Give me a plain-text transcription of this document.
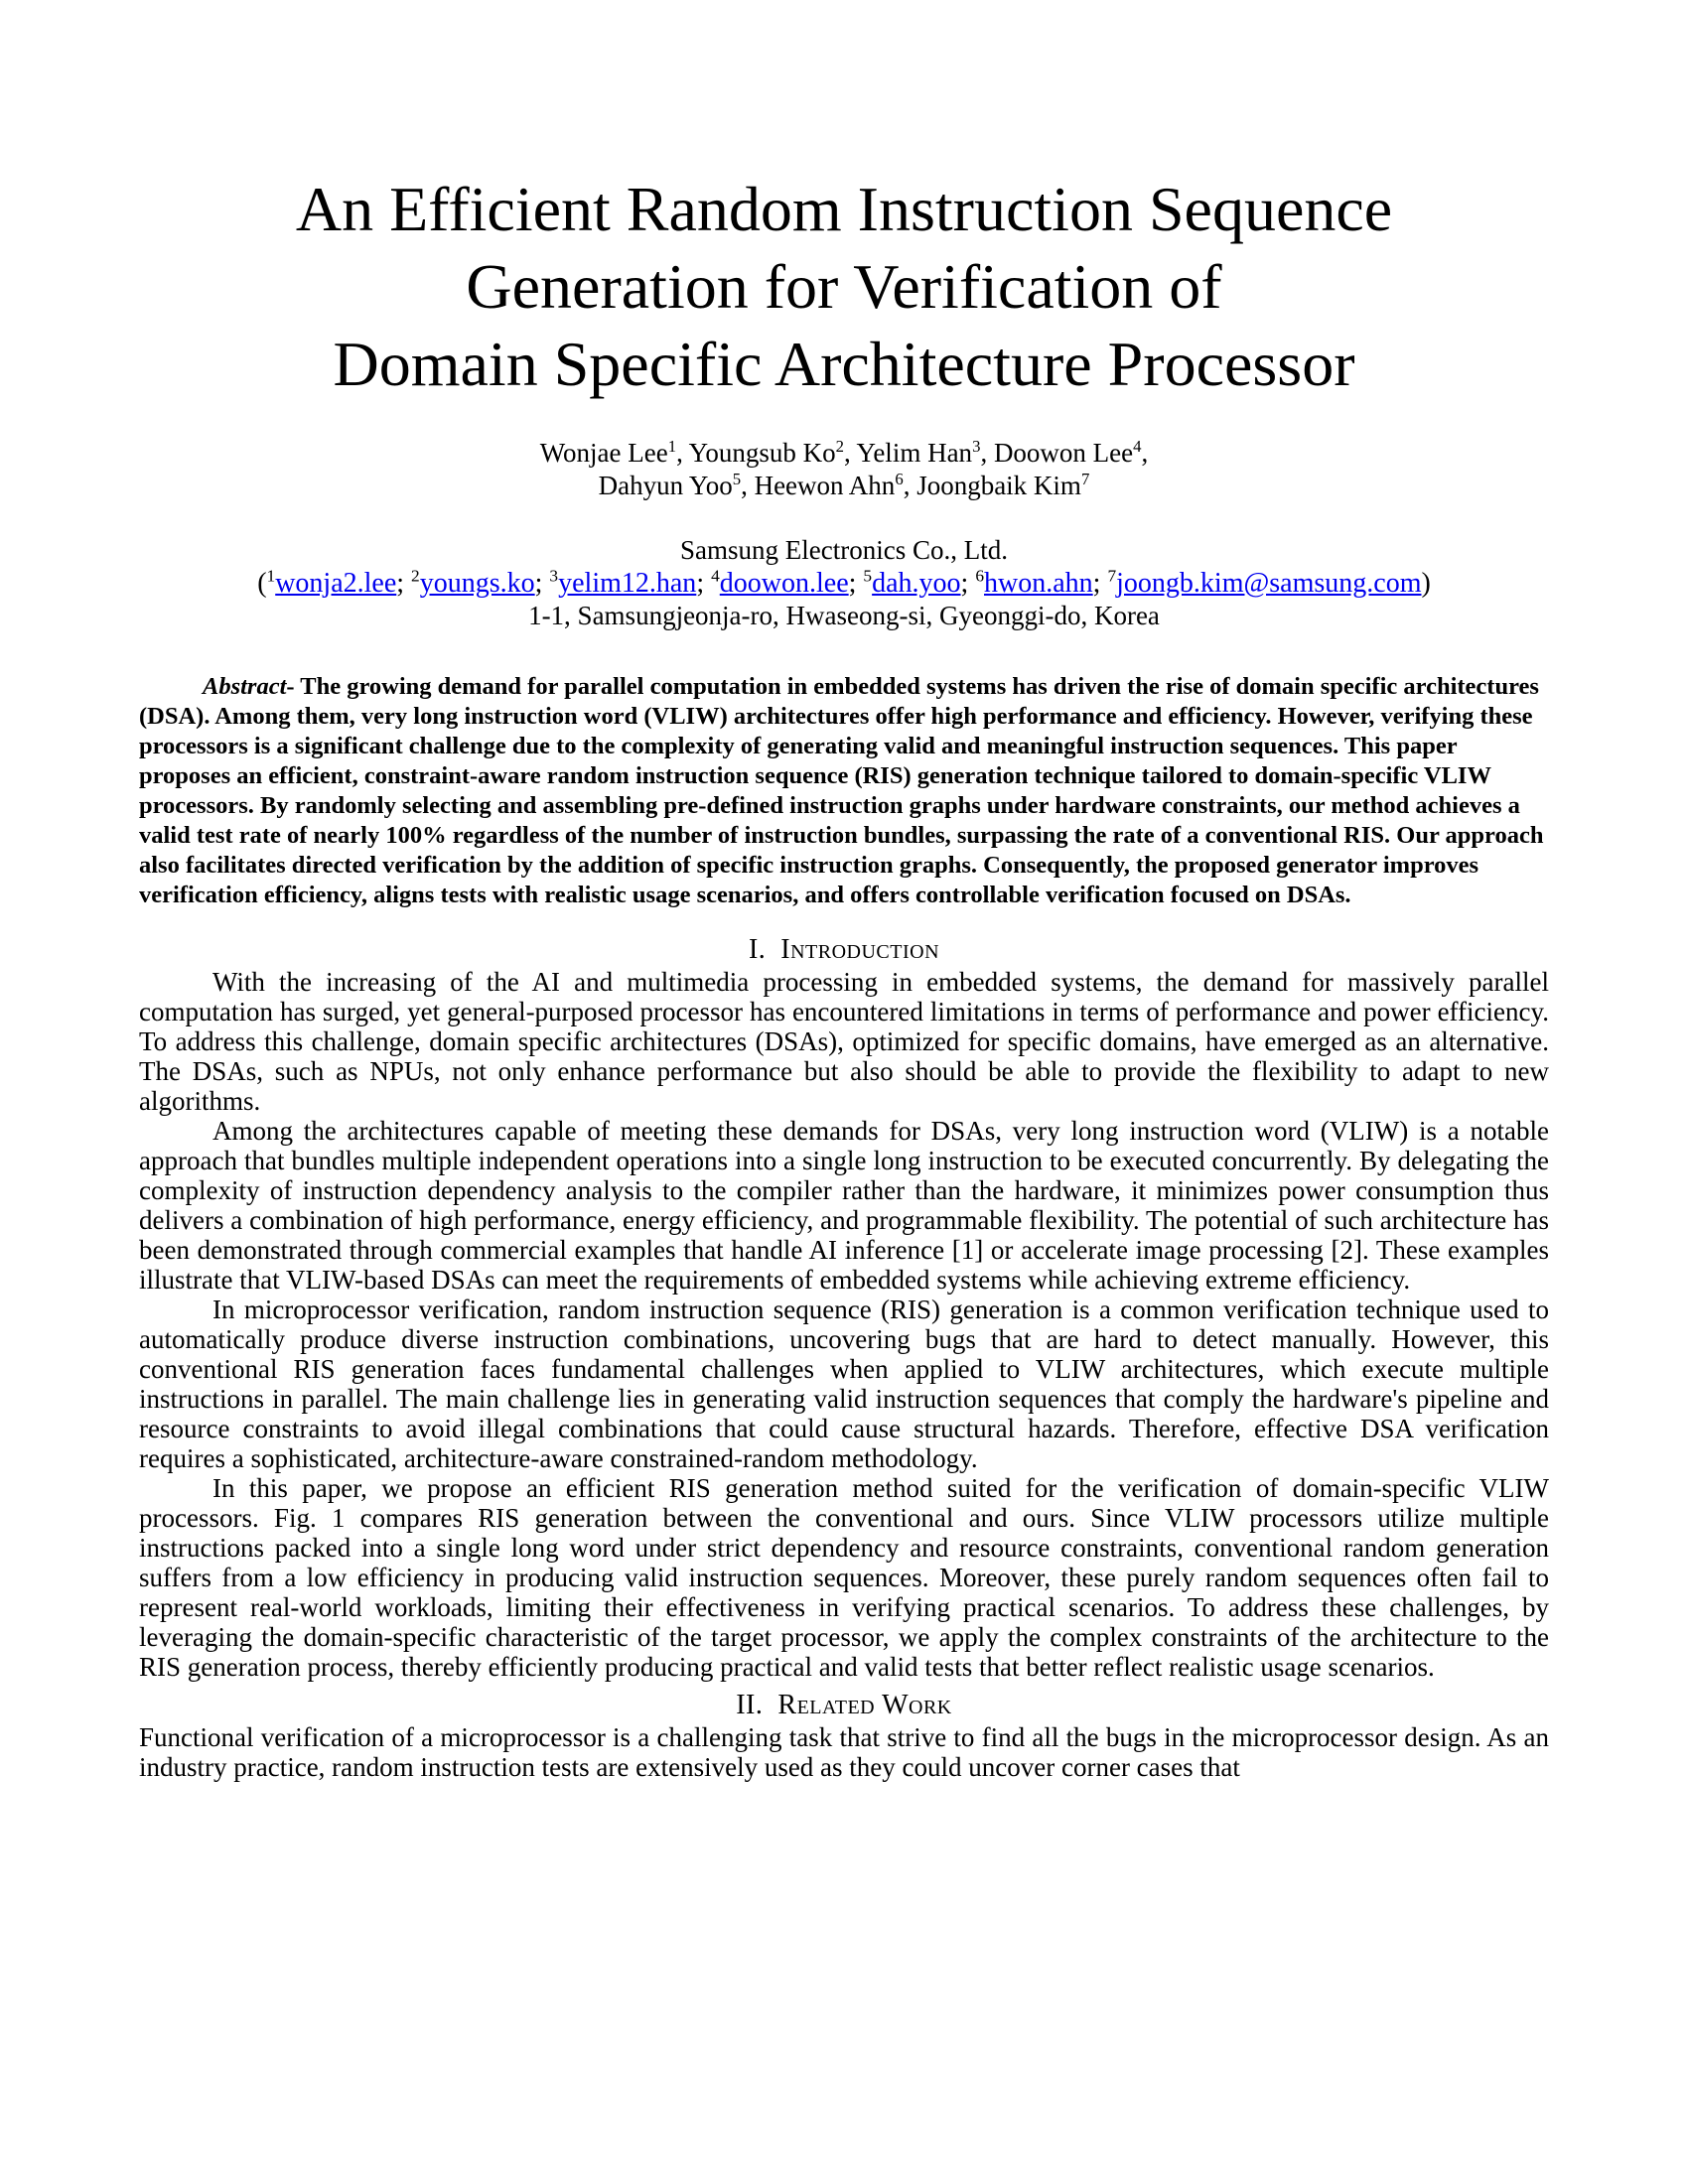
An Efficient Random Instruction Sequence
Generation for Verification of
Domain Specific Architecture Processor
Wonjae Lee$^1$, Youngsub Ko$^2$, Yelim Han$^3$, Doowon Lee$^4$,
Dahyun Yoo$^5$, Heewon Ahn$^6$, Joongbaik Kim$^7$
Samsung Electronics Co., Ltd.
($^1$wonja2.lee; $^2$youngs.ko; $^3$yelim12.han; $^4$doowon.lee; $^5$dah.yoo; $^6$hwon.ahn; $^7$joongb.kim@samsung.com)
1-1, Samsungjeonja-ro, Hwaseong-si, Gyeonggi-do, Korea

Abstract- The growing demand for parallel computation in embedded systems has driven the rise of domain specific architectures (DSA). Among them, very long instruction word (VLIW) architectures offer high performance and efficiency. However, verifying these processors is a significant challenge due to the complexity of generating valid and meaningful instruction sequences. This paper proposes an efficient, constraint-aware random instruction sequence (RIS) generation technique tailored to domain-specific VLIW processors. By randomly selecting and assembling pre-defined instruction graphs under hardware constraints, our method achieves a valid test rate of nearly 100% regardless of the number of instruction bundles, surpassing the rate of a conventional RIS. Our approach also facilitates directed verification by the addition of specific instruction graphs. Consequently, the proposed generator improves verification efficiency, aligns tests with realistic usage scenarios, and offers controllable verification focused on DSAs.

I. Introduction

With the increasing of the AI and multimedia processing in embedded systems, the demand for massively parallel computation has surged, yet general-purposed processor has encountered limitations in terms of performance and power efficiency. To address this challenge, domain specific architectures (DSAs), optimized for specific domains, have emerged as an alternative. The DSAs, such as NPUs, not only enhance performance but also should be able to provide the flexibility to adapt to new algorithms.

Among the architectures capable of meeting these demands for DSAs, very long instruction word (VLIW) is a notable approach that bundles multiple independent operations into a single long instruction to be executed concurrently. By delegating the complexity of instruction dependency analysis to the compiler rather than the hardware, it minimizes power consumption thus delivers a combination of high performance, energy efficiency, and programmable flexibility. The potential of such architecture has been demonstrated through commercial examples that handle AI inference [1] or accelerate image processing [2]. These examples illustrate that VLIW-based DSAs can meet the requirements of embedded systems while achieving extreme efficiency.

In microprocessor verification, random instruction sequence (RIS) generation is a common verification technique used to automatically produce diverse instruction combinations, uncovering bugs that are hard to detect manually. However, this conventional RIS generation faces fundamental challenges when applied to VLIW architectures, which execute multiple instructions in parallel. The main challenge lies in generating valid instruction sequences that comply the hardware's pipeline and resource constraints to avoid illegal combinations that could cause structural hazards. Therefore, effective DSA verification requires a sophisticated, architecture-aware constrained-random methodology.

In this paper, we propose an efficient RIS generation method suited for the verification of domain-specific VLIW processors. Fig. 1 compares RIS generation between the conventional and ours. Since VLIW processors utilize multiple instructions packed into a single long word under strict dependency and resource constraints, conventional random generation suffers from a low efficiency in producing valid instruction sequences. Moreover, these purely random sequences often fail to represent real-world workloads, limiting their effectiveness in verifying practical scenarios. To address these challenges, by leveraging the domain-specific characteristic of the target processor, we apply the complex constraints of the architecture to the RIS generation process, thereby efficiently producing practical and valid tests that better reflect realistic usage scenarios.

II. Related Work

Functional verification of a microprocessor is a challenging task that strive to find all the bugs in the microprocessor design. As an industry practice, random instruction tests are extensively used as they could uncover corner cases that
